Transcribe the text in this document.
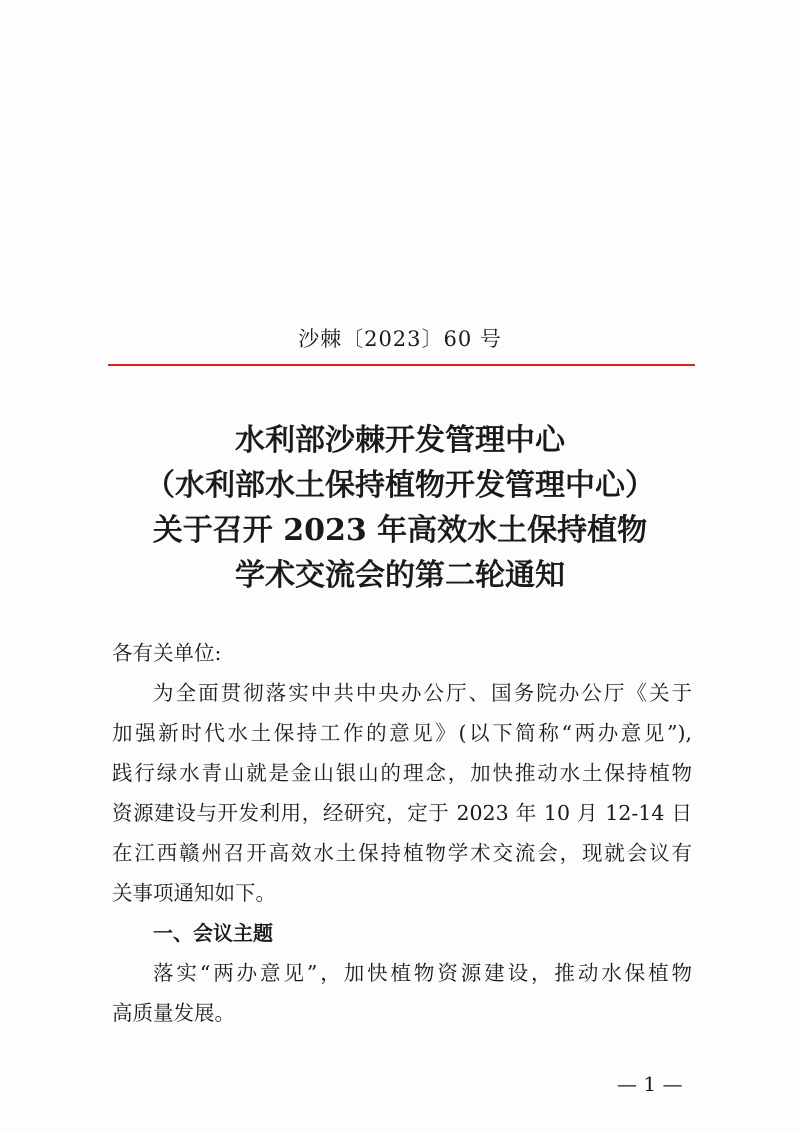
沙棘〔2023〕60 号
水利部沙棘开发管理中心
（水利部水土保持植物开发管理中心）
关于召开 2023 年高效水土保持植物
学术交流会的第二轮通知
各有关单位:
为全面贯彻落实中共中央办公厅、国务院办公厅《关于
加强新时代水土保持工作的意见》(以下简称“两办意见”),
践行绿水青山就是金山银山的理念，加快推动水土保持植物
资源建设与开发利用，经研究，定于 2023 年 10 月 12-14 日
在江西赣州召开高效水土保持植物学术交流会，现就会议有
关事项通知如下。
一、会议主题
落实“两办意见”，加快植物资源建设，推动水保植物
高质量发展。
— 1 —
